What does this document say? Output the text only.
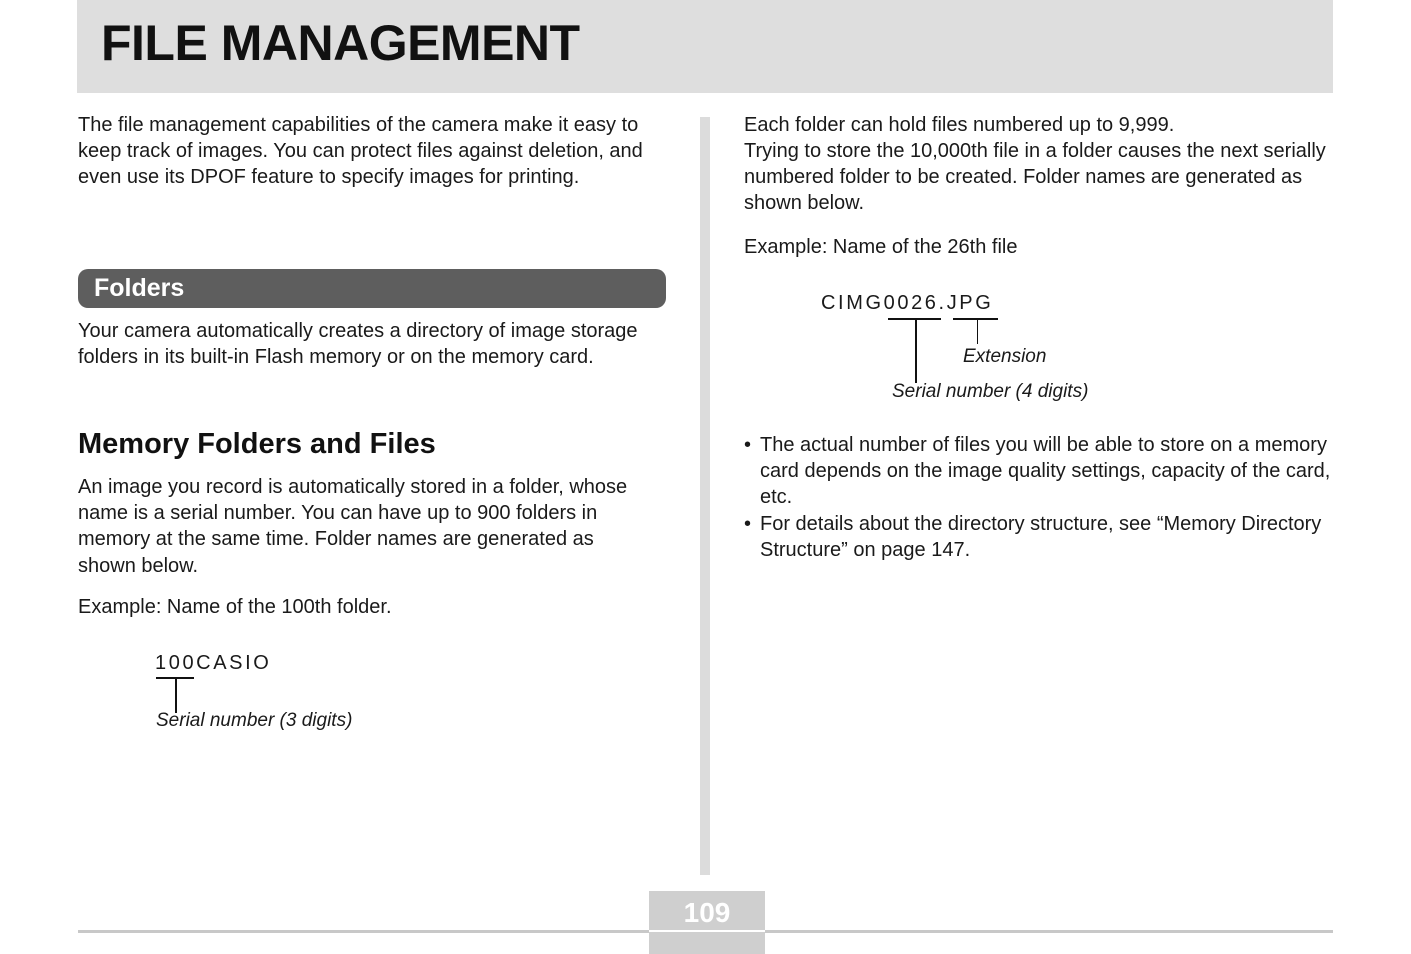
FILE MANAGEMENT

The file management capabilities of the camera make it easy to keep track of images. You can protect files against deletion, and even use its DPOF feature to specify images for printing.

Folders

Your camera automatically creates a directory of image storage folders in its built-in Flash memory or on the memory card.

Memory Folders and Files

An image you record is automatically stored in a folder, whose name is a serial number. You can have up to 900 folders in memory at the same time. Folder names are generated as shown below.

Example: Name of the 100th folder.

100CASIO
Serial number (3 digits)

Each folder can hold files numbered up to 9,999.

Trying to store the 10,000th file in a folder causes the next serially numbered folder to be created. Folder names are generated as shown below.

Example: Name of the 26th file

CIMG0026.JPG
Extension
Serial number (4 digits)
• The actual number of files you will be able to store on a memory card depends on the image quality settings, capacity of the card, etc.
• For details about the directory structure, see “Memory Directory Structure” on page 147.
109
